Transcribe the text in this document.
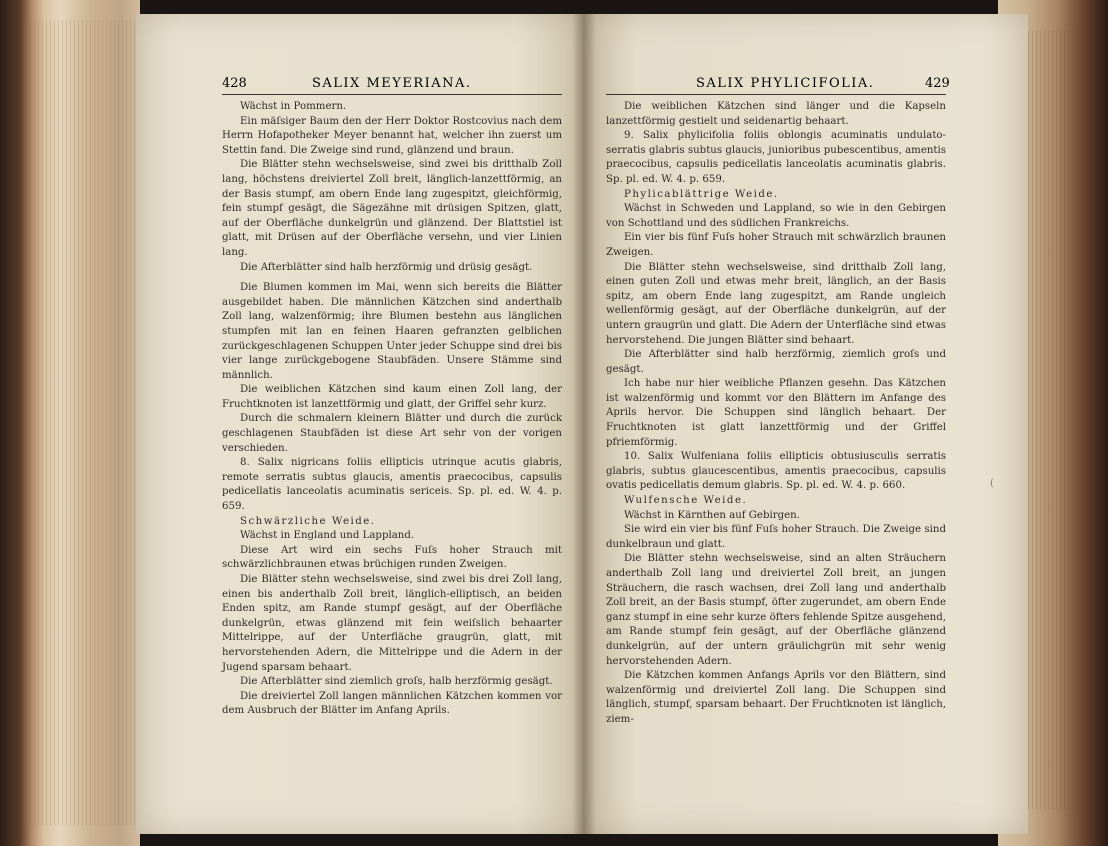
428	SALIX MEYERIANA.	SALIX PHYLICIFOLIA.	429

Wächst in Pommern.

Ein mäſsiger Baum den der Herr Doktor Rostcovius nach dem Herrn Hofapotheker Meyer benannt hat, welcher ihn zuerst um Stettin fand. Die Zweige sind rund, glänzend und braun.

Die Blätter stehn wechselsweise, sind zwei bis dritthalb Zoll lang, höchstens dreiviertel Zoll breit, länglich-lanzettförmig, an der Basis stumpf, am obern Ende lang zugespitzt, gleichförmig, fein stumpf gesägt, die Sägezähne mit drüsigen Spitzen, glatt, auf der Oberfläche dunkelgrün und glänzend. Der Blattstiel ist glatt, mit Drüsen auf der Oberfläche versehn, und vier Linien lang.

Die Afterblätter sind halb herzförmig und drüsig gesägt.

Die Blumen kommen im Mai, wenn sich bereits die Blätter ausgebildet haben. Die männlichen Kätzchen sind anderthalb Zoll lang, walzenförmig; ihre Blumen bestehn aus länglichen stumpfen mit lan en feinen Haaren gefranzten gelblichen zurückgeschlagenen Schuppen Unter jeder Schuppe sind drei bis vier lange zurückgebogene Staubfäden. Unsere Stämme sind männlich.

Die weiblichen Kätzchen sind kaum einen Zoll lang, der Fruchtknoten ist lanzettförmig und glatt, der Griffel sehr kurz.

Durch die schmalern kleinern Blätter und durch die zurück geschlagenen Staubfäden ist diese Art sehr von der vorigen verschieden.

8. Salix nigricans foliis ellipticis utrinque acutis glabris, remote serratis subtus glaucis, amentis praecocibus, capsulis pedicellatis lanceolatis acuminatis sericeis. Sp. pl. ed. W. 4. p. 659.

Schwärzliche Weide.

Wächst in England und Lappland.

Diese Art wird ein sechs Fuſs hoher Strauch mit schwärzlichbraunen etwas brüchigen runden Zweigen.

Die Blätter stehn wechselsweise, sind zwei bis drei Zoll lang, einen bis anderthalb Zoll breit, länglich-elliptisch, an beiden Enden spitz, am Rande stumpf gesägt, auf der Oberfläche dunkelgrün, etwas glänzend mit fein weiſslich behaarter Mittelrippe, auf der Unterfläche graugrün, glatt, mit hervorstehenden Adern, die Mittelrippe und die Adern in der Jugend sparsam behaart.

Die Afterblätter sind ziemlich groſs, halb herzförmig gesägt.

Die dreiviertel Zoll langen männlichen Kätzchen kommen vor dem Ausbruch der Blätter im Anfang Aprils.

Die weiblichen Kätzchen sind länger und die Kapseln lanzettförmig gestielt und seidenartig behaart.

9. Salix phylicifolia foliis oblongis acuminatis undulato-serratis glabris subtus glaucis, junioribus pubescentibus, amentis praecocibus, capsulis pedicellatis lanceolatis acuminatis glabris. Sp. pl. ed. W. 4. p. 659.

Phylicablättrige Weide.

Wächst in Schweden und Lappland, so wie in den Gebirgen von Schottland und des südlichen Frankreichs.

Ein vier bis fünf Fuſs hoher Strauch mit schwärzlich braunen Zweigen.

Die Blätter stehn wechselsweise, sind dritthalb Zoll lang, einen guten Zoll und etwas mehr breit, länglich, an der Basis spitz, am obern Ende lang zugespitzt, am Rande ungleich wellenförmig gesägt, auf der Oberfläche dunkelgrün, auf der untern graugrün und glatt. Die Adern der Unterfläche sind etwas hervorstehend. Die jungen Blätter sind behaart.

Die Afterblätter sind halb herzförmig, ziemlich groſs und gesägt.

Ich habe nur hier weibliche Pflanzen gesehn. Das Kätzchen ist walzenförmig und kommt vor den Blättern im Anfange des Aprils hervor. Die Schuppen sind länglich behaart. Der Fruchtknoten ist glatt lanzettförmig und der Griffel pfriemförmig.

10. Salix Wulfeniana foliis ellipticis obtusiusculis serratis glabris, subtus glaucescentibus, amentis praecocibus, capsulis ovatis pedicellatis demum glabris. Sp. pl. ed. W. 4. p. 660.

Wulfensche Weide.

Wächst in Kärnthen auf Gebirgen.

Sie wird ein vier bis fünf Fuſs hoher Strauch. Die Zweige sind dunkelbraun und glatt.

Die Blätter stehn wechselsweise, sind an alten Sträuchern anderthalb Zoll lang und dreiviertel Zoll breit, an jungen Sträuchern, die rasch wachsen, drei Zoll lang und anderthalb Zoll breit, an der Basis stumpf, öfter zugerundet, am obern Ende ganz stumpf in eine sehr kurze öfters fehlende Spitze ausgehend, am Rande stumpf fein gesägt, auf der Oberfläche glänzend dunkelgrün, auf der untern gräulichgrün mit sehr wenig hervorstehenden Adern.

Die Kätzchen kommen Anfangs Aprils vor den Blättern, sind walzenförmig und dreiviertel Zoll lang. Die Schuppen sind länglich, stumpf, sparsam behaart. Der Fruchtknoten ist länglich, ziem-

(
